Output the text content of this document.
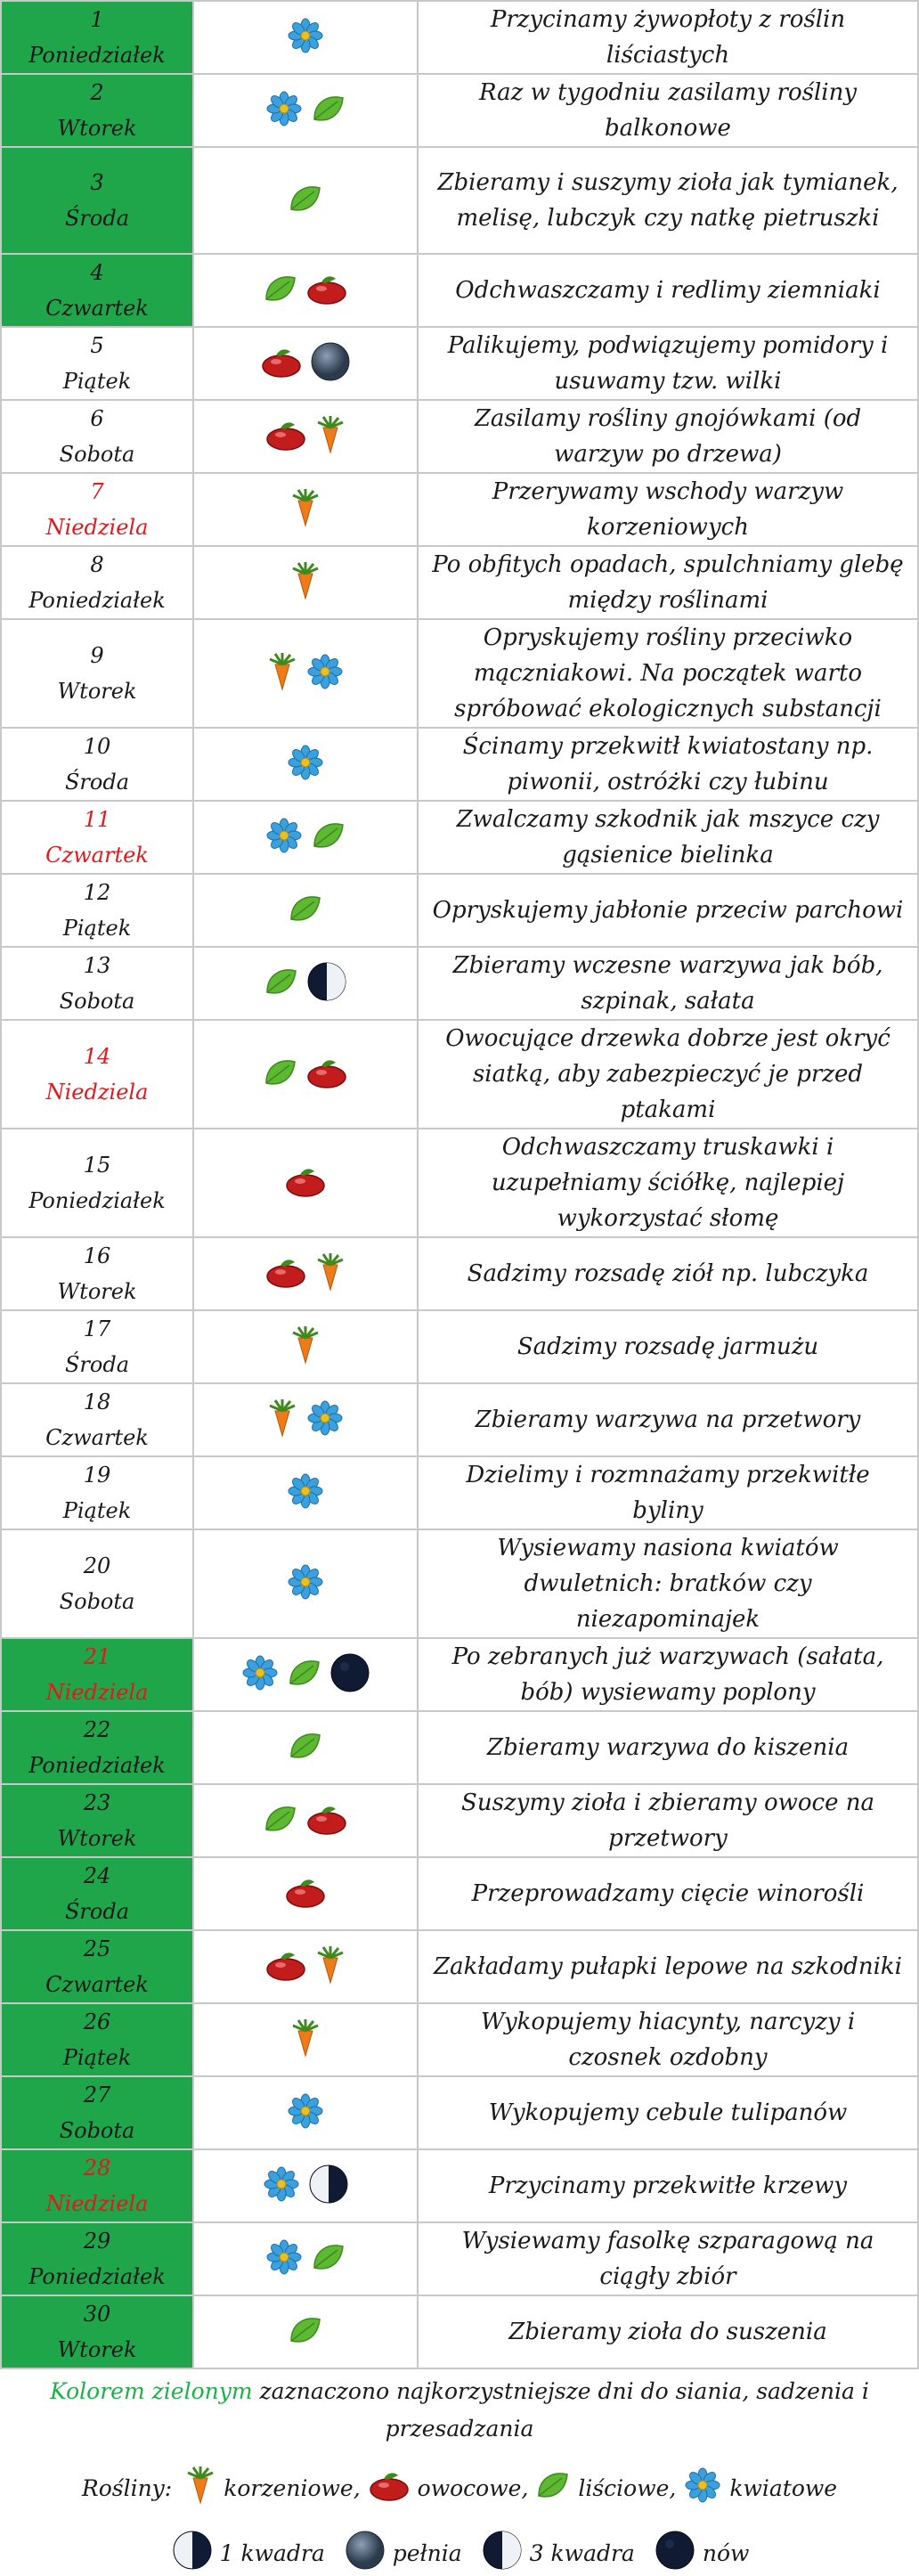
1
Poniedziałek		Przycinamy żywopłoty z roślin liściastych

2
Wtorek		Raz w tygodniu zasilamy rośliny balkonowe

3
Środa		Zbieramy i suszymy zioła jak tymianek, melisę, lubczyk czy natkę pietruszki

4
Czwartek		Odchwaszczamy i redlimy ziemniaki

5
Piątek		Palikujemy, podwiązujemy pomidory i usuwamy tzw. wilki

6
Sobota		Zasilamy rośliny gnojówkami (od warzyw po drzewa)

7
Niedziela		Przerywamy wschody warzyw korzeniowych

8
Poniedziałek		Po obfitych opadach, spulchniamy glebę między roślinami

9
Wtorek		Opryskujemy rośliny przeciwko mączniakowi. Na początek warto spróbować ekologicznych substancji

10
Środa		Ścinamy przekwitł kwiatostany np. piwonii, ostróżki czy łubinu

11
Czwartek		Zwalczamy szkodnik jak mszyce czy gąsienice bielinka

12
Piątek		Opryskujemy jabłonie przeciw parchowi

13
Sobota		Zbieramy wczesne warzywa jak bób, szpinak, sałata

14
Niedziela		Owocujące drzewka dobrze jest okryć siatką, aby zabezpieczyć je przed ptakami

15
Poniedziałek		Odchwaszczamy truskawki i uzupełniamy ściółkę, najlepiej wykorzystać słomę

16
Wtorek		Sadzimy rozsadę ziół np. lubczyka

17
Środa		Sadzimy rozsadę jarmużu

18
Czwartek		Zbieramy warzywa na przetwory

19
Piątek		Dzielimy i rozmnażamy przekwitłe byliny

20
Sobota		Wysiewamy nasiona kwiatów dwuletnich: bratków czy niezapominajek

21
Niedziela		Po zebranych już warzywach (sałata, bób) wysiewamy poplony

22
Poniedziałek		Zbieramy warzywa do kiszenia

23
Wtorek		Suszymy zioła i zbieramy owoce na przetwory

24
Środa		Przeprowadzamy cięcie winorośli

25
Czwartek		Zakładamy pułapki lepowe na szkodniki

26
Piątek		Wykopujemy hiacynty, narcyzy i czosnek ozdobny

27
Sobota		Wykopujemy cebule tulipanów

28
Niedziela		Przycinamy przekwitłe krzewy

29
Poniedziałek		Wysiewamy fasolkę szparagową na ciągły zbiór

30
Wtorek		Zbieramy zioła do suszenia
Kolorem zielonym zaznaczono najkorzystniejsze dni do siania, sadzenia i przesadzania
Rośliny: korzeniowe,	owocowe, liściowe, kwiatowe
1 kwadra	pełnia	3 kwadra	nów
